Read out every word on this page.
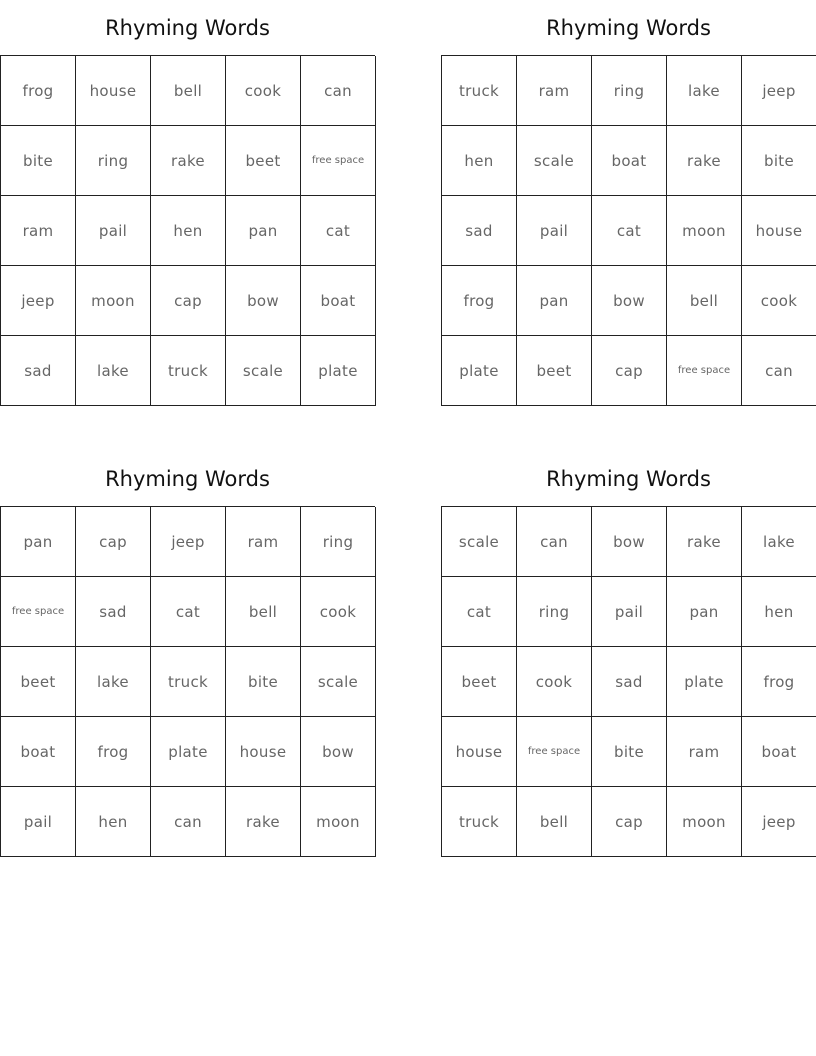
Rhyming Words
frog	house	bell	cook	can
bite	ring	rake	beet	free space
ram	pail	hen	pan	cat
jeep	moon	cap	bow	boat
sad	lake	truck	scale	plate
Rhyming Words
truck	ram	ring	lake	jeep
hen	scale	boat	rake	bite
sad	pail	cat	moon	house
frog	pan	bow	bell	cook
plate	beet	cap	free space	can
Rhyming Words
pan	cap	jeep	ram	ring
free space	sad	cat	bell	cook
beet	lake	truck	bite	scale
boat	frog	plate	house	bow
pail	hen	can	rake	moon
Rhyming Words
scale	can	bow	rake	lake
cat	ring	pail	pan	hen
beet	cook	sad	plate	frog
house	free space	bite	ram	boat
truck	bell	cap	moon	jeep
